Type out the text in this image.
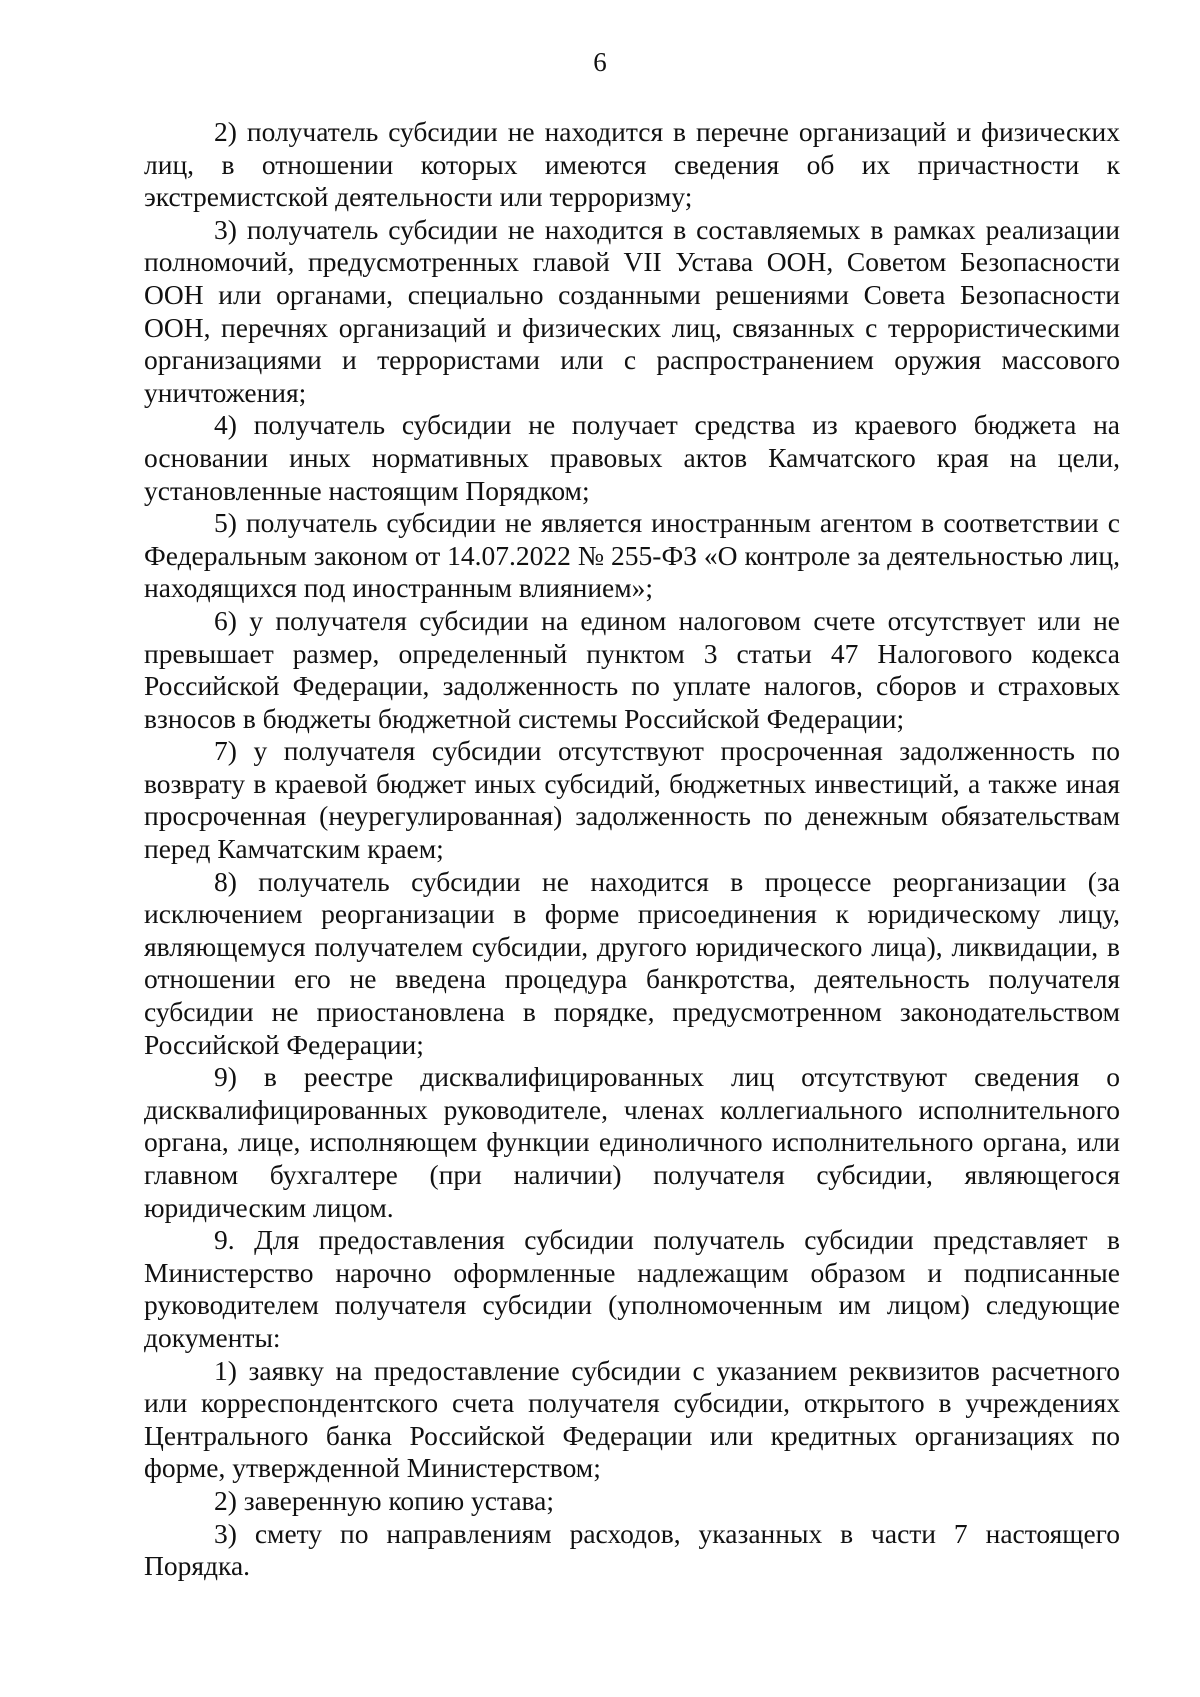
6

2) получатель субсидии не находится в перечне организаций и физических лиц, в отношении которых имеются сведения об их причастности к экстремистской деятельности или терроризму;

3) получатель субсидии не находится в составляемых в рамках реализации полномочий, предусмотренных главой VII Устава ООН, Советом Безопасности ООН или органами, специально созданными решениями Совета Безопасности ООН, перечнях организаций и физических лиц, связанных с террористическими организациями и террористами или с распространением оружия массового уничтожения;

4) получатель субсидии не получает средства из краевого бюджета на основании иных нормативных правовых актов Камчатского края на цели, установленные настоящим Порядком;

5) получатель субсидии не является иностранным агентом в соответствии с Федеральным законом от 14.07.2022 № 255-ФЗ «О контроле за деятельностью лиц, находящихся под иностранным влиянием»;

6) у получателя субсидии на едином налоговом счете отсутствует или не превышает размер, определенный пунктом 3 статьи 47 Налогового кодекса Российской Федерации, задолженность по уплате налогов, сборов и страховых взносов в бюджеты бюджетной системы Российской Федерации;

7) у получателя субсидии отсутствуют просроченная задолженность по возврату в краевой бюджет иных субсидий, бюджетных инвестиций, а также иная просроченная (неурегулированная) задолженность по денежным обязательствам перед Камчатским краем;

8) получатель субсидии не находится в процессе реорганизации (за исключением реорганизации в форме присоединения к юридическому лицу, являющемуся получателем субсидии, другого юридического лица), ликвидации, в отношении его не введена процедура банкротства, деятельность получателя субсидии не приостановлена в порядке, предусмотренном законодательством Российской Федерации;

9) в реестре дисквалифицированных лиц отсутствуют сведения о дисквалифицированных руководителе, членах коллегиального исполнительного органа, лице, исполняющем функции единоличного исполнительного органа, или главном бухгалтере (при наличии) получателя субсидии, являющегося юридическим лицом.

9. Для предоставления субсидии получатель субсидии представляет в Министерство нарочно оформленные надлежащим образом и подписанные руководителем получателя субсидии (уполномоченным им лицом) следующие документы:

1) заявку на предоставление субсидии с указанием реквизитов расчетного или корреспондентского счета получателя субсидии, открытого в учреждениях Центрального банка Российской Федерации или кредитных организациях по форме, утвержденной Министерством;

2) заверенную копию устава;

3) смету по направлениям расходов, указанных в части 7 настоящего Порядка.
